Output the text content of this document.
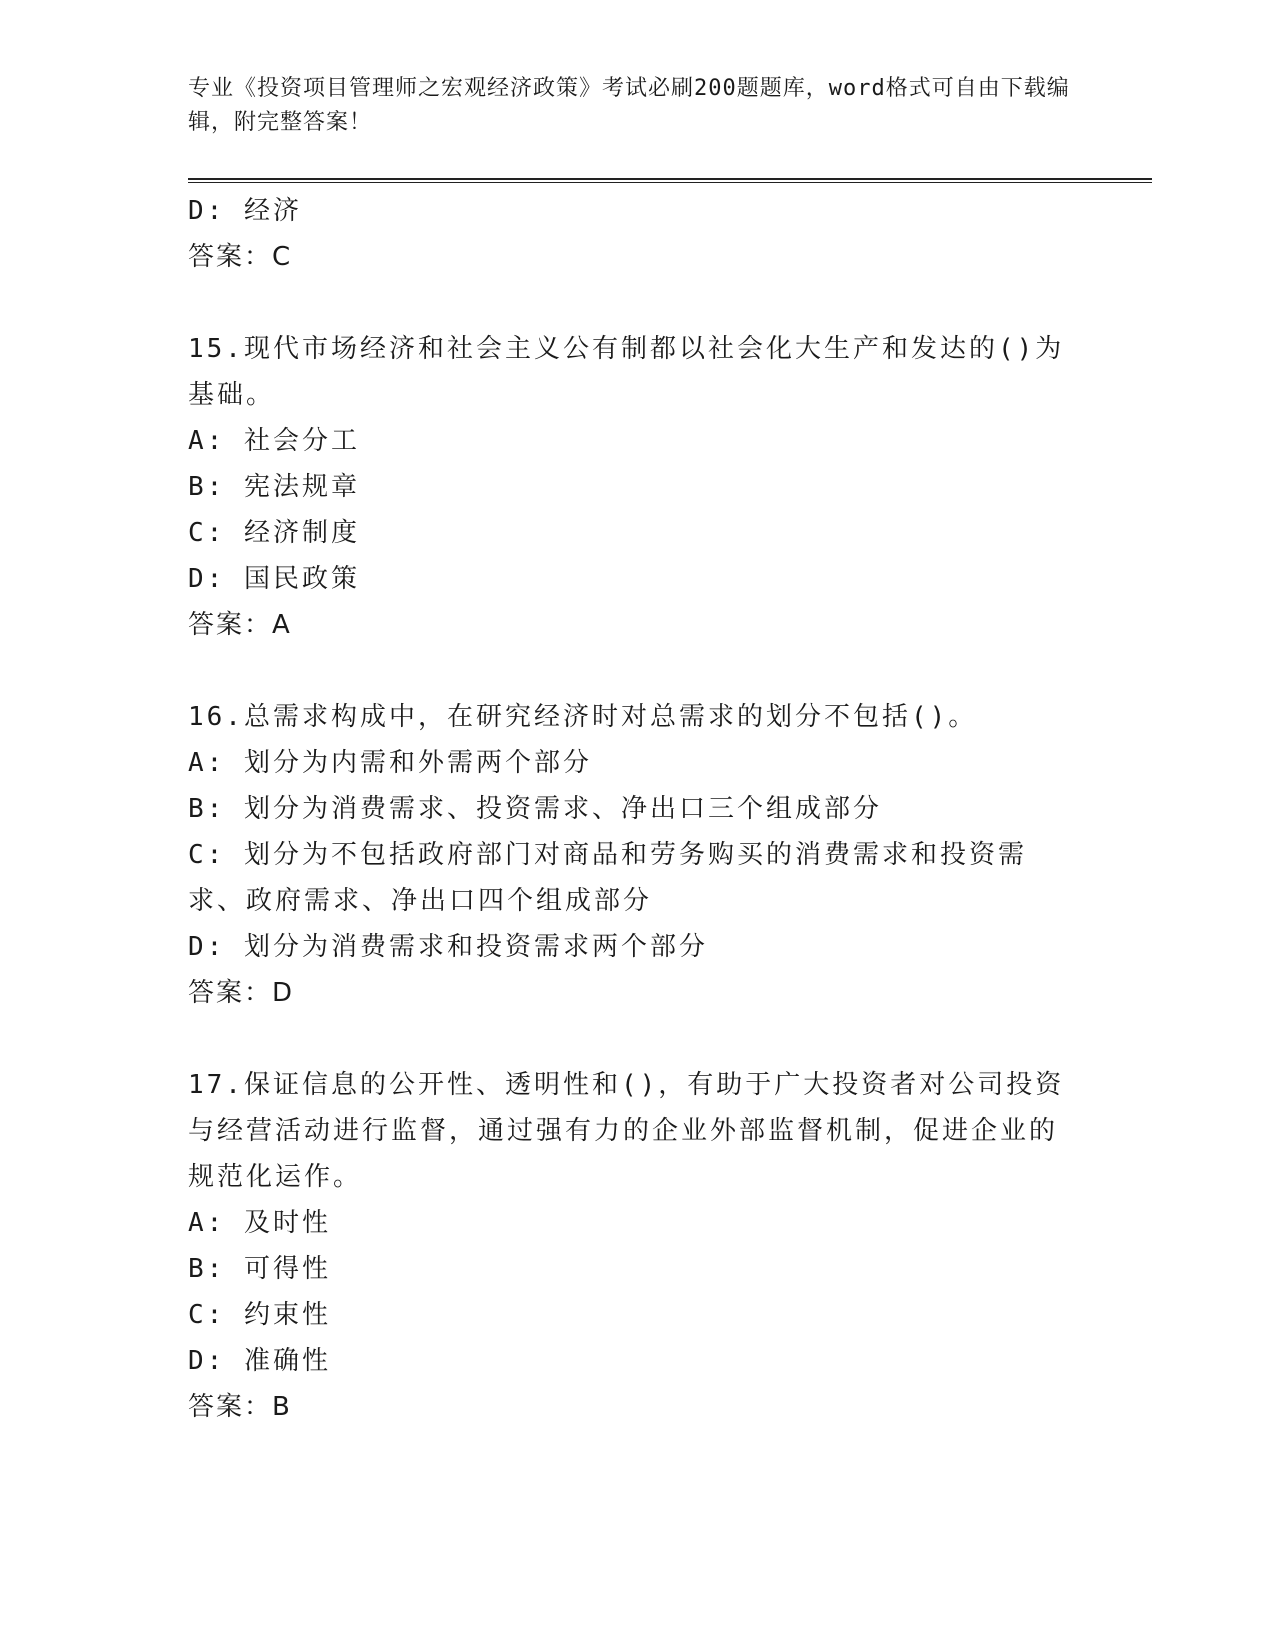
专业《投资项目管理师之宏观经济政策》考试必刷200题题库，word格式可自由下载编辑，附完整答案！
D: 经济
答案：C
15.现代市场经济和社会主义公有制都以社会化大生产和发达的()为基础。
A: 社会分工
B: 宪法规章
C: 经济制度
D: 国民政策
答案：A
16.总需求构成中，在研究经济时对总需求的划分不包括()。
A: 划分为内需和外需两个部分
B: 划分为消费需求、投资需求、净出口三个组成部分
C: 划分为不包括政府部门对商品和劳务购买的消费需求和投资需求、政府需求、净出口四个组成部分
D: 划分为消费需求和投资需求两个部分
答案：D
17.保证信息的公开性、透明性和()，有助于广大投资者对公司投资与经营活动进行监督，通过强有力的企业外部监督机制，促进企业的规范化运作。
A: 及时性
B: 可得性
C: 约束性
D: 准确性
答案：B
